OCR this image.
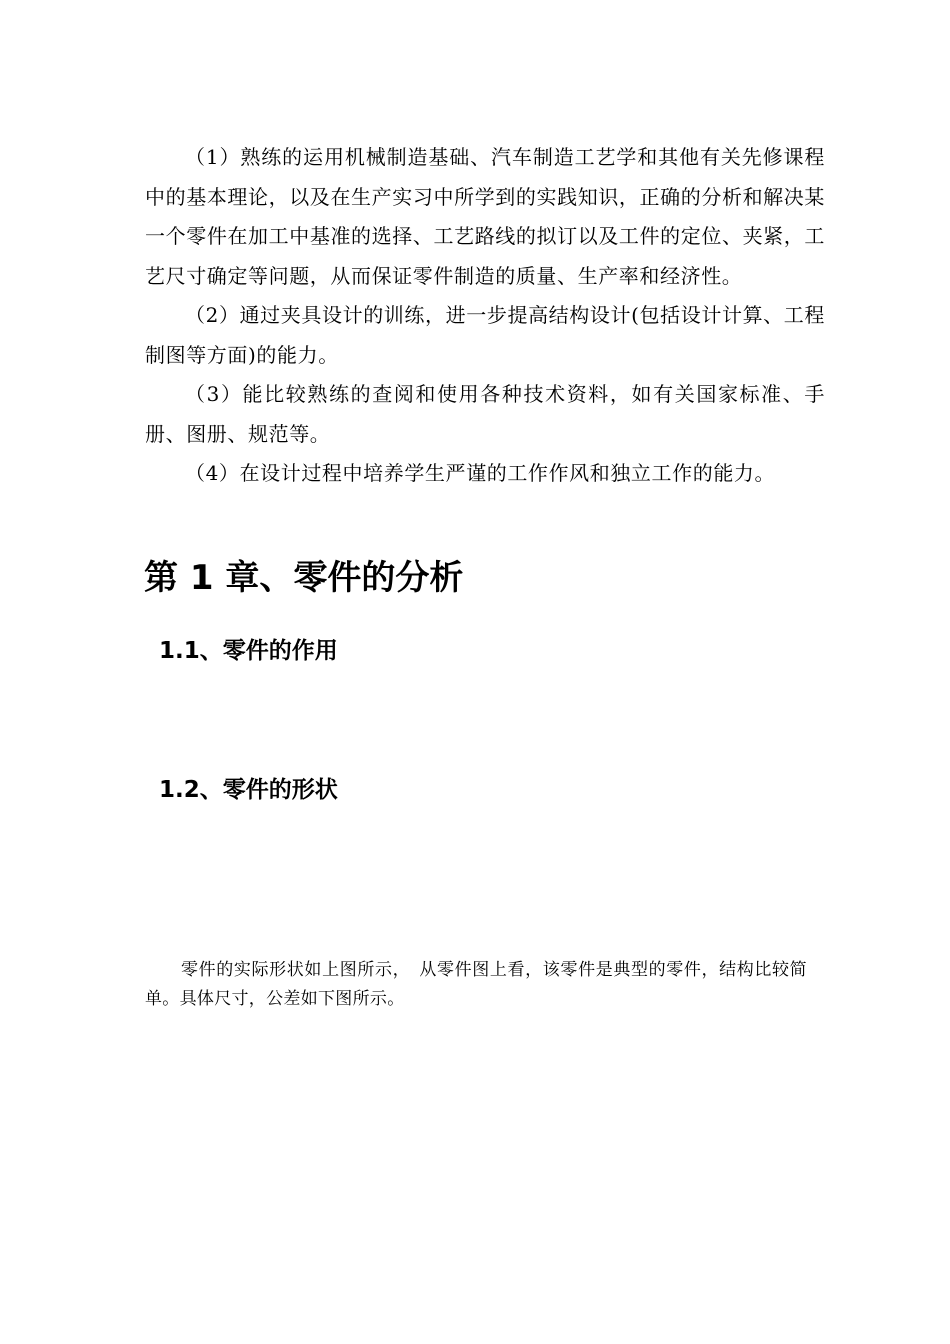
（1）熟练的运用机械制造基础、汽车制造工艺学和其他有关先修课程中的基本理论，以及在生产实习中所学到的实践知识，正确的分析和解决某一个零件在加工中基准的选择、工艺路线的拟订以及工件的定位、夹紧，工艺尺寸确定等问题，从而保证零件制造的质量、生产率和经济性。

（2）通过夹具设计的训练，进一步提高结构设计(包括设计计算、工程制图等方面)的能力。

（3）能比较熟练的查阅和使用各种技术资料，如有关国家标准、手册、图册、规范等。

（4）在设计过程中培养学生严谨的工作作风和独立工作的能力。

第 1 章、零件的分析
1.1、零件的作用
1.2、零件的形状

零件的实际形状如上图所示，　从零件图上看，该零件是典型的零件，结构比较简单。具体尺寸，公差如下图所示。
